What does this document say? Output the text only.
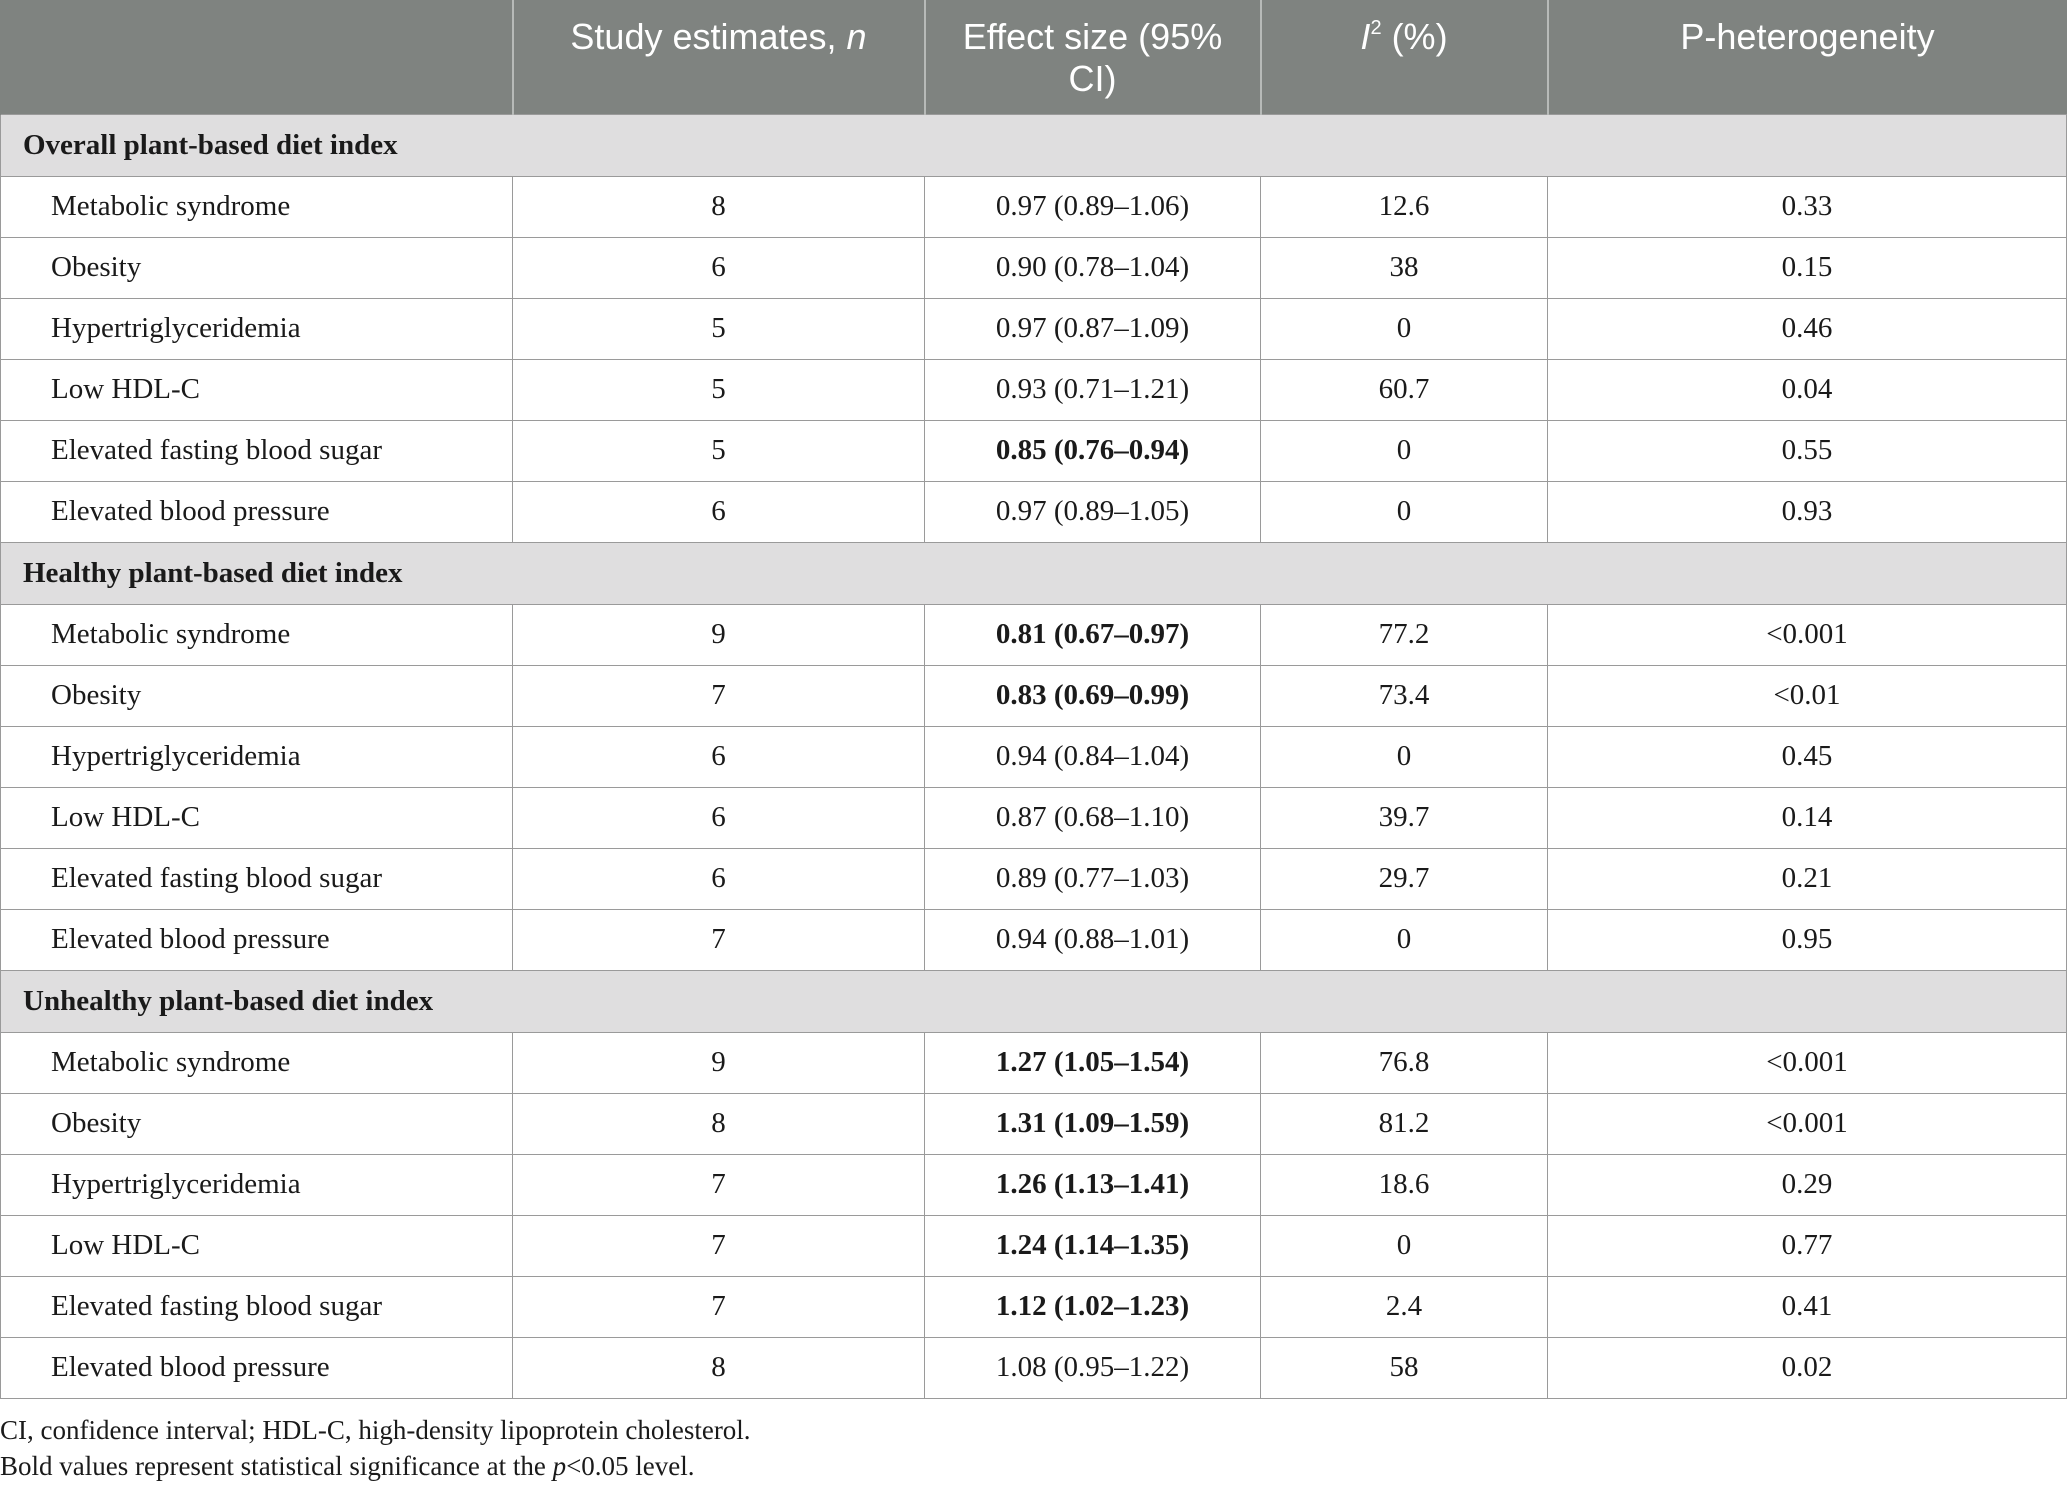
	Study estimates, n	Effect size (95% CI)	$I^2$ (%)	P-heterogeneity
Overall plant-based diet index				
Metabolic syndrome	8	0.97 (0.89–1.06)	12.6	0.33
Obesity	6	0.90 (0.78–1.04)	38	0.15
Hypertriglyceridemia	5	0.97 (0.87–1.09)	0	0.46
Low HDL-C	5	0.93 (0.71–1.21)	60.7	0.04
Elevated fasting blood sugar	5	0.85 (0.76–0.94)	0	0.55
Elevated blood pressure	6	0.97 (0.89–1.05)	0	0.93
Healthy plant-based diet index				
Metabolic syndrome	9	0.81 (0.67–0.97)	77.2	<0.001
Obesity	7	0.83 (0.69–0.99)	73.4	<0.01
Hypertriglyceridemia	6	0.94 (0.84–1.04)	0	0.45
Low HDL-C	6	0.87 (0.68–1.10)	39.7	0.14
Elevated fasting blood sugar	6	0.89 (0.77–1.03)	29.7	0.21
Elevated blood pressure	7	0.94 (0.88–1.01)	0	0.95
Unhealthy plant-based diet index				
Metabolic syndrome	9	1.27 (1.05–1.54)	76.8	<0.001
Obesity	8	1.31 (1.09–1.59)	81.2	<0.001
Hypertriglyceridemia	7	1.26 (1.13–1.41)	18.6	0.29
Low HDL-C	7	1.24 (1.14–1.35)	0	0.77
Elevated fasting blood sugar	7	1.12 (1.02–1.23)	2.4	0.41
Elevated blood pressure	8	1.08 (0.95–1.22)	58	0.02

CI, confidence interval; HDL-C, high-density lipoprotein cholesterol.

Bold values represent statistical significance at the p<0.05 level.
